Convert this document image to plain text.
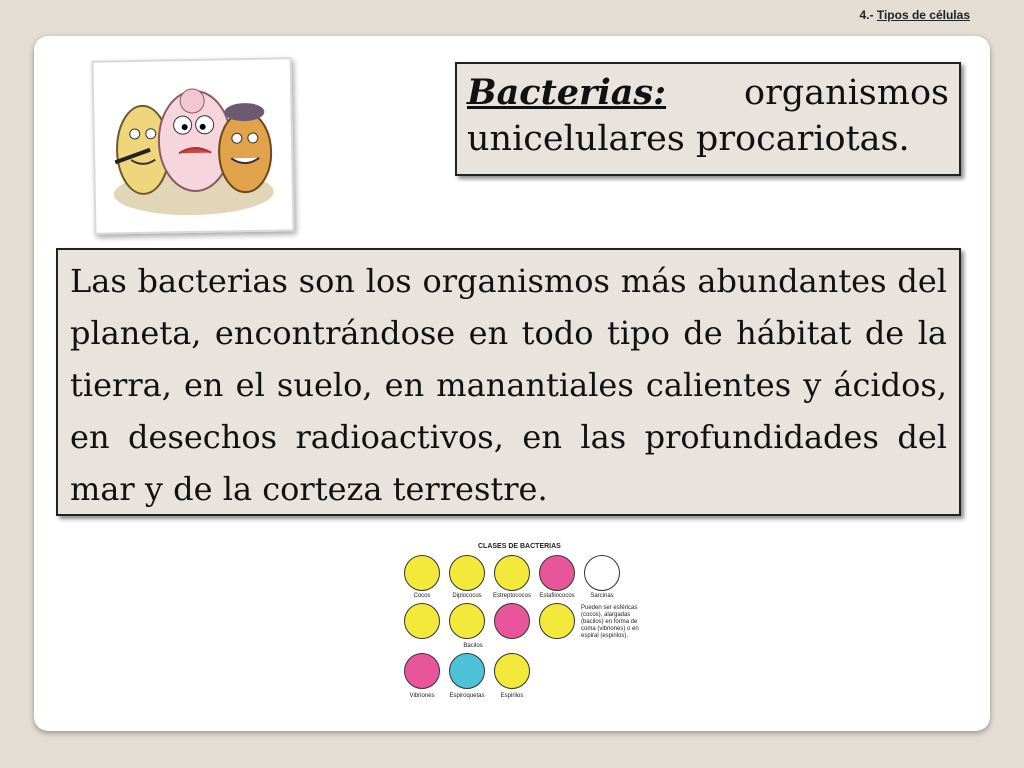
4.- Tipos de células
Bacterias: organismos
unicelulares procariotas.
Las bacterias son los organismos más abundantes del planeta, encontrándose en todo tipo de hábitat de la tierra, en el suelo, en manantiales calientes y ácidos, en desechos radioactivos, en las profundidades del mar y de la corteza terrestre.
CLASES DE BACTERIAS
Cocos	Diplococos	Estreptococos	Estafilococos	Sarcinas
Bacilos
Pueden ser esféricas (cocos), alargadas (bacilos) en forma de coma (vibriones) o en espiral (espirilos).
Vibriones	Espiroquetas	Espirilos
